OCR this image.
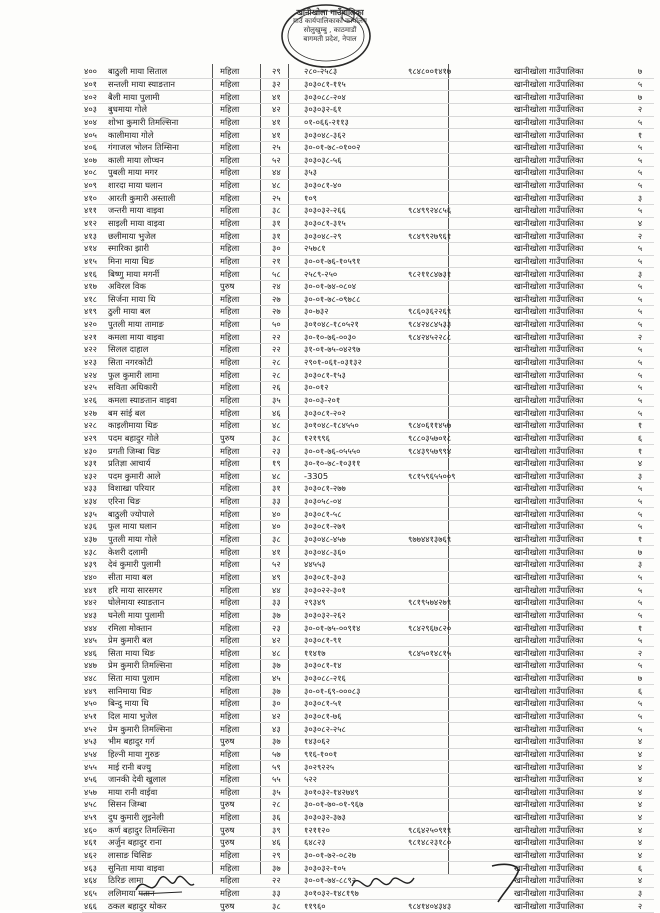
खानीखोला गाउँपालिका
गाउँ कार्यपालिकाको कार्यालय
सोलुखुम्बु , काठमाडौं
बागमती प्रदेश, नेपाल
४००	बाठुली माया सिताल	महिला	२९	२८०-२५८३	९८४८००१४१७	खानीखोला गाउँपालिका	७
४०१	सन्तली माया स्याङतान	महिला	३२	३०३०८१-११५		खानीखोला गाउँपालिका	५
४०२	बैली माया पुलामी	महिला	४१	३०३०८८-२०४		खानीखोला गाउँपालिका	७
४०३	बुधमाया गोले	महिला	४२	३०३०३२-६१		खानीखोला गाउँपालिका	२
४०४	शोभा कुमारी तिमल्सिना	महिला	४१	०१-०६६-२११३		खानीखोला गाउँपालिका	५
४०५	कालीमाया गोले	महिला	४१	३०३०४८-३६२		खानीखोला गाउँपालिका	१
४०६	गंगाजल भोलन तिम्सिना	महिला	२५	३०-०१-७८-०१००२		खानीखोला गाउँपालिका	५
४०७	काली माया लोप्चन	महिला	५२	३०३०३८-५६		खानीखोला गाउँपालिका	५
४०८	पुबली माया मगर	महिला	४४	३५३		खानीखोला गाउँपालिका	५
४०९	शारदा माया घलान	महिला	४८	३०३०८१-४०		खानीखोला गाउँपालिका	५
४१०	आरती कुमारी अस्ताली	महिला	२५	१०९		खानीखोला गाउँपालिका	३
४११	जन्तरी माया वाइवा	महिला	३८	३०३०३२-२६६	९८४९९२४८५६	खानीखोला गाउँपालिका	५
४१२	साइली माया वाइवा	महिला	३१	३०३०८१-३१५		खानीखोला गाउँपालिका	४
४१३	छलीमाया भुजेल	महिला	३१	३०३०४८-२९	९८४९९२७९६१	खानीखोला गाउँपालिका	२
४१४	स्मारिका झारी	महिला	३०	२५७८१		खानीखोला गाउँपालिका	५
४१५	मिना माया थिङ	महिला	२१	३०-०१-७६-१०५९१		खानीखोला गाउँपालिका	५
४१६	बिष्णु माया मगर्नी	महिला	५८	२५८९-२५०	९८२११८४७३१	खानीखोला गाउँपालिका	३
४१७	अविरल विक	पुरुष	२४	३०-०१-७४-०८०४		खानीखोला गाउँपालिका	५
४१८	सिर्जना माया थि	महिला	२७	३०-०१-७८-०९७८८		खानीखोला गाउँपालिका	५
४१९	ठुली माया बल	महिला	२७	३०-७३२	९८६०३६२२६९	खानीखोला गाउँपालिका	५
४२०	पुतली माया तामाङ	महिला	५०	३०१०४८-१८०५२१	९८४२४८४५३३	खानीखोला गाउँपालिका	५
४२१	कमला माया वाइवा	महिला	२२	३०-१०-७६-००३०	९८४२४५२२८८	खानीखोला गाउँपालिका	२
४२२	सिलल दाहाल	महिला	२२	३१-०१-७५-०४२९७		खानीखोला गाउँपालिका	५
४२३	सिता नगरकोटी	महिला	२८	२९०१-०६१-०३१३२		खानीखोला गाउँपालिका	५
४२४	फुल कुमारी लामा	महिला	२८	३०३०८१-१५३		खानीखोला गाउँपालिका	५
४२५	सविता अधिकारी	महिला	२६	३०-०१२		खानीखोला गाउँपालिका	५
४२६	कमला स्याङतान वाइवा	महिला	३५	३०-०३-२०१		खानीखोला गाउँपालिका	५
४२७	बम सांई बल	महिला	४६	३०३०८१-२०२		खानीखोला गाउँपालिका	५
४२८	काइलीमाया थिङ	महिला	४८	३०१०४८-१८४५५०	९८४०६११४५७	खानीखोला गाउँपालिका	१
४२९	पदम बहादुर गोले	पुरुष	३८	१२१९९६	९८८०३५७०१८	खानीखोला गाउँपालिका	६
४३०	प्रगती जिम्बा थिङ	महिला	२३	३०-०१-७६-०५५५०	९८४३९५७९९४	खानीखोला गाउँपालिका	१
४३१	प्रतिज्ञा आचार्य	महिला	१९	३०-१०-७८-१०३११		खानीखोला गाउँपालिका	४
४३२	पदम कुमारी आले	महिला	४८	-3305	९८१५९६५५००९	खानीखोला गाउँपालिका	३
४३३	विशाखा परियार	महिला	३१	३०३०८१-२७७		खानीखोला गाउँपालिका	५
४३४	एरिना थिङ	महिला	३३	३०३०५८-०४		खानीखोला गाउँपालिका	५
४३५	बाठुली ज्योपाले	महिला	४०	३०३०८१-५८		खानीखोला गाउँपालिका	५
४३६	फुल माया घलान	महिला	४०	३०३०८१-२७१		खानीखोला गाउँपालिका	५
४३७	पुतली माया गोले	महिला	३८	३०३०४८-४५७	९७७४४१३७६९	खानीखोला गाउँपालिका	१
४३८	केशरी दलामी	महिला	४१	३०३०४८-३६०		खानीखोला गाउँपालिका	७
४३९	देवं कुमारी पुलामी	महिला	५२	४४५५३		खानीखोला गाउँपालिका	३
४४०	सीता माया बल	महिला	४९	३०३०८१-३०३		खानीखोला गाउँपालिका	५
४४१	हरि माया सारसगर	महिला	४४	३०३०२२-३०१		खानीखोला गाउँपालिका	५
४४२	घोलेमाया स्याङतान	महिला	३३	२९३४९	९८१९५७४२७९	खानीखोला गाउँपालिका	५
४४३	घनेली माया पुलामी	महिला	३७	३०३०३२-२६२		खानीखोला गाउँपालिका	५
४४४	रमिला मोक्तान	महिला	२३	३०-०१-७५-००९१४	९८४२९६७८२०	खानीखोला गाउँपालिका	१
४४५	प्रेम कुमारी बल	महिला	४२	३०३०८१-९१		खानीखोला गाउँपालिका	५
४४६	सिता माया थिङ	महिला	४८	११४१७	९८४५०१४८१५	खानीखोला गाउँपालिका	२
४४७	प्रेम कुमारी तिमल्सिना	महिला	३७	३०३०८१-१४		खानीखोला गाउँपालिका	५
४४८	सिता माया पुलाम	महिला	४५	३०३०८८-२१६		खानीखोला गाउँपालिका	७
४४९	सानिमाया थिङ	महिला	३७	३०-०१-६९-०००८३		खानीखोला गाउँपालिका	६
४५०	बिन्दु माया थि	महिला	३०	३०३०८१-५१		खानीखोला गाउँपालिका	५
४५१	दिल माया भुजेल	महिला	४२	३०३०८१-७६		खानीखोला गाउँपालिका	५
४५२	प्रेम कुमारी तिमल्सिना	महिला	४३	३०३०८२-२५८		खानीखोला गाउँपालिका	५
४५३	भीम बहादुर गर्ग	पुरुष	३७	१४३०६२		खानीखोला गाउँपालिका	४
४५४	हिल्नी माया गुरुङ	महिला	५७	९१६-१००१		खानीखोला गाउँपालिका	४
४५५	माई रानी बज्यु	महिला	५९	३०२९२२५		खानीखोला गाउँपालिका	४
४५६	जानकी देवी खुलाल	महिला	५५	५२२		खानीखोला गाउँपालिका	४
४५७	माया रानी वाईवा	महिला	३५	३०१०३२-१४२७४९		खानीखोला गाउँपालिका	४
४५८	सिसन जिम्बा	पुरुष	२८	३०-०१-७०-०१-९६७		खानीखोला गाउँपालिका	४
४५९	दुध कुमारी लुइनेली	महिला	३६	३०३०३२-३७३		खानीखोला गाउँपालिका	४
४६०	कर्ण बहादुर तिमल्सिना	पुरुष	३९	१२११२०	९८६४२५०९१९	खानीखोला गाउँपालिका	४
४६१	अर्जुन बहादुर राना	पुरुष	४६	६४८२३	९८१४८२३१८०	खानीखोला गाउँपालिका	४
४६२	लासाङ थिसिङ	महिला	२९	३०-०१-७२-०८२७		खानीखोला गाउँपालिका	४
४६३	सुनिता माया वाइवा	महिला	३७	३०३०३२-१०५		खानीखोला गाउँपालिका	६
४६४	ठिरिङ लामा	महिला	२२	३०-०१-७४-८८९२		खानीखोला गाउँपालिका	४
४६५	ललिमाया मतान	महिला	३३	३०१०३२-१४८१९७		खानीखोला गाउँपालिका	३
४६६	ठकल बहादुर थोकर	पुरुष	३८	११९६०	९८४१४०४३४३	खानीखोला गाउँपालिका	२
